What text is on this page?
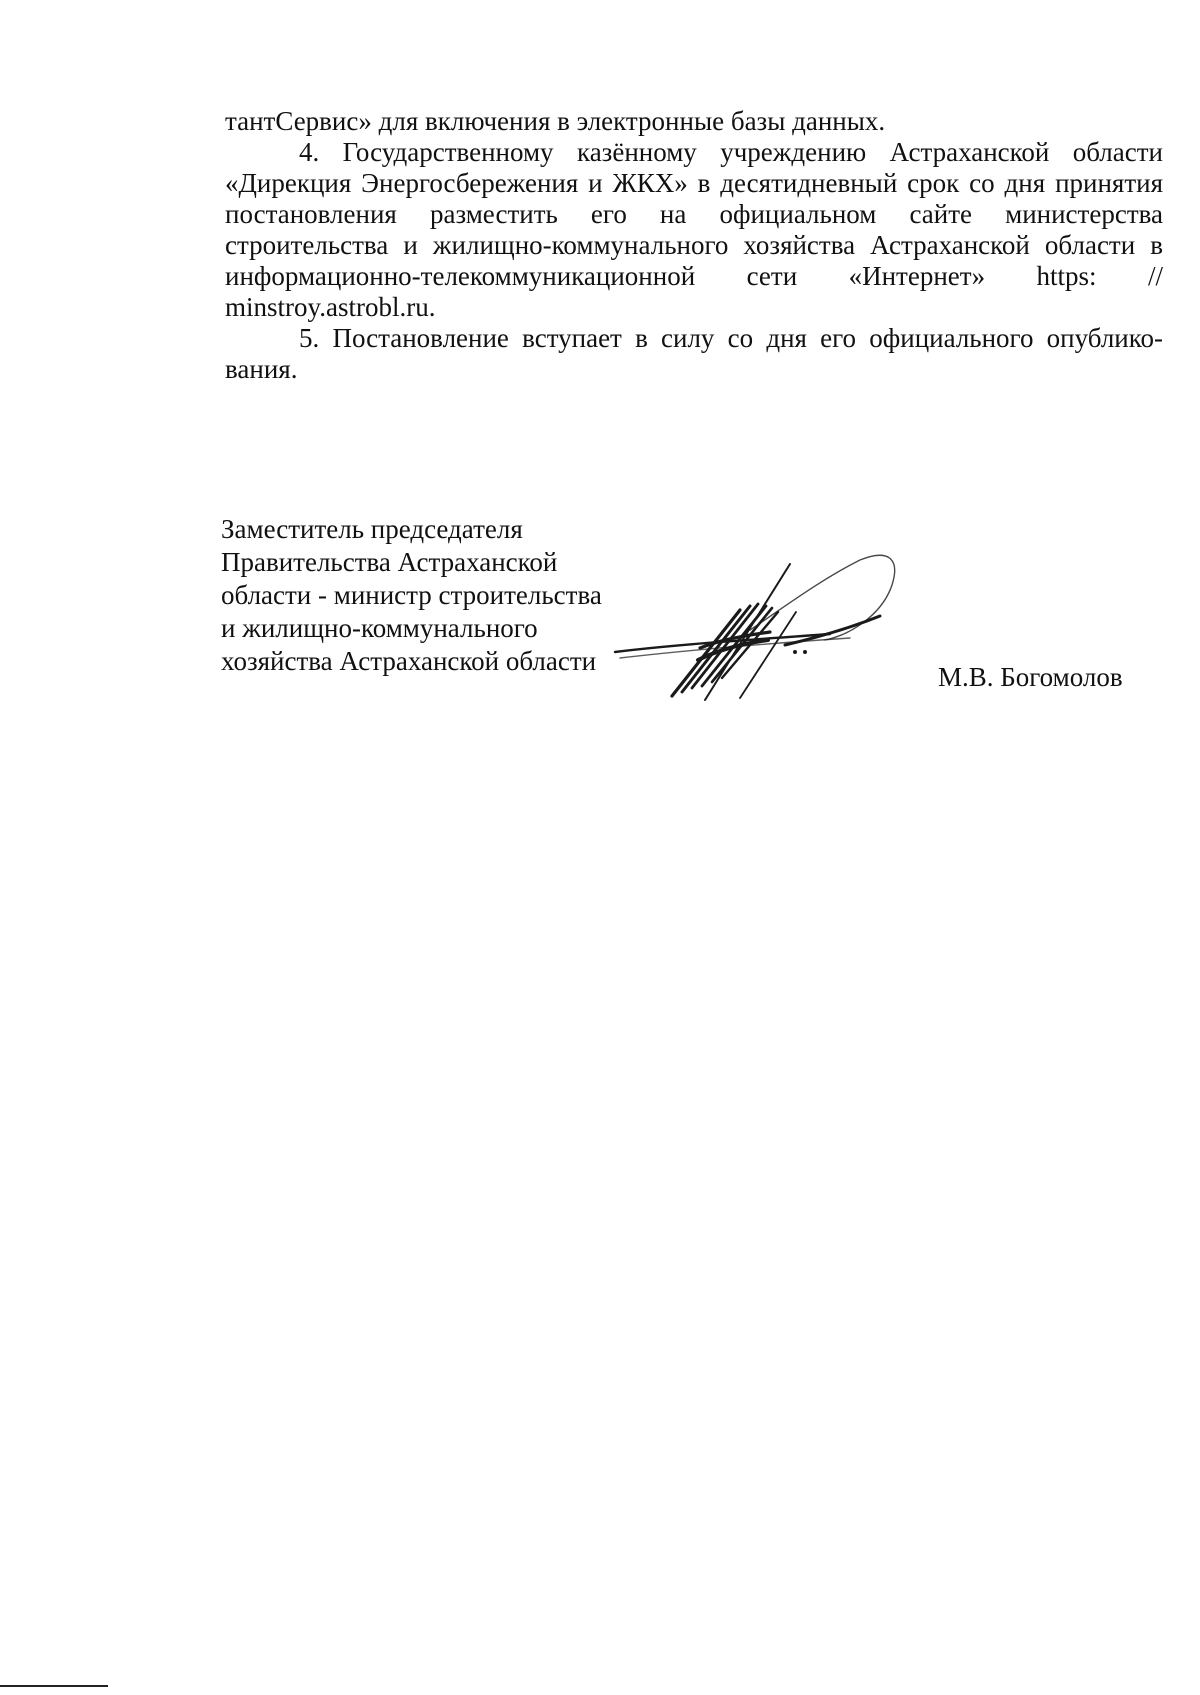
тантСервис» для включения в электронные базы данных.

4. Государственному казённому учреждению Астраханской области «Дирекция Энергосбережения и ЖКХ» в десятидневный срок со дня принятия постановления разместить его на официальном сайте министерства строительства и жилищно-коммунального хозяйства Астраханской области в информационно-телекоммуникационной сети «Интернет» https: // minstroy.astrobl.ru.

5. Постановление вступает в силу со дня его официального опублико-вания.

Заместитель председателя
Правительства Астраханской
области - министр строительства
и жилищно-коммунального
хозяйства Астраханской области
М.В. Богомолов
